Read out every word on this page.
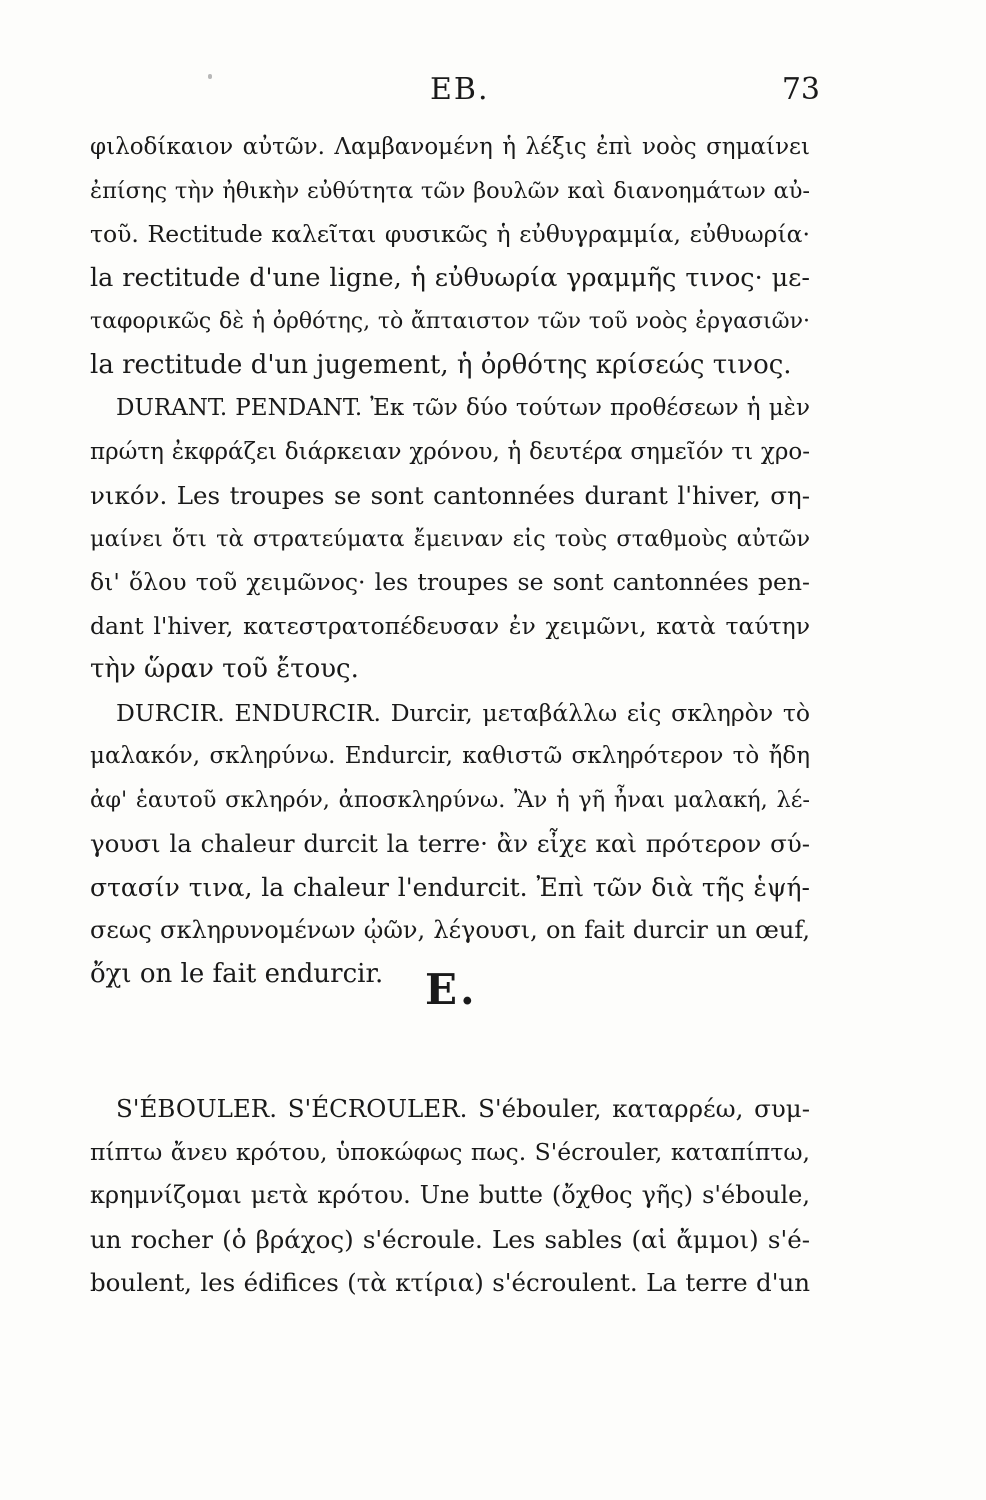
EB.	73
φιλοδίκαιον αὐτῶν. Λαμβανομένη ἡ λέξις ἐπὶ νοὸς σημαίνει
ἐπίσης τὴν ἠθικὴν εὐθύτητα τῶν βουλῶν καὶ διανοημάτων αὐ-
τοῦ. Rectitude καλεῖται φυσικῶς ἡ εὐθυγραμμία, εὐθυωρία·
la rectitude d'une ligne, ἡ εὐθυωρία γραμμῆς τινος· με-
ταφορικῶς δὲ ἡ ὀρθότης, τὸ ἄπταιστον τῶν τοῦ νοὸς ἐργασιῶν·
la rectitude d'un jugement, ἡ ὀρθότης κρίσεώς τινος.
DURANT. PENDANT. Ἐκ τῶν δύο τούτων προθέσεων ἡ μὲν
πρώτη ἐκφράζει διάρκειαν χρόνου, ἡ δευτέρα σημεῖόν τι χρο-
νικόν. Les troupes se sont cantonnées durant l'hiver, ση-
μαίνει ὅτι τὰ στρατεύματα ἔμειναν εἰς τοὺς σταθμοὺς αὐτῶν
δι' ὅλου τοῦ χειμῶνος· les troupes se sont cantonnées pen-
dant l'hiver, κατεστρατοπέδευσαν ἐν χειμῶνι, κατὰ ταύτην
τὴν ὥραν τοῦ ἔτους.
DURCIR. ENDURCIR. Durcir, μεταβάλλω εἰς σκληρὸν τὸ
μαλακόν, σκληρύνω. Endurcir, καθιστῶ σκληρότερον τὸ ἤδη
ἀφ' ἑαυτοῦ σκληρόν, ἀποσκληρύνω. Ἂν ἡ γῆ ἦναι μαλακή, λέ-
γουσι la chaleur durcit la terre· ἂν εἶχε καὶ πρότερον σύ-
στασίν τινα, la chaleur l'endurcit. Ἐπὶ τῶν διὰ τῆς ἑψή-
σεως σκληρυνομένων ᾠῶν, λέγουσι, on fait durcir un œuf,
ὄχι on le fait endurcir. E.
S'ÉBOULER. S'ÉCROULER. S'ébouler, καταρρέω, συμ-
πίπτω ἄνευ κρότου, ὑποκώφως πως. S'écrouler, καταπίπτω,
κρημνίζομαι μετὰ κρότου. Une butte (ὄχθος γῆς) s'éboule,
un rocher (ὁ βράχος) s'écroule. Les sables (αἱ ἄμμοι) s'é-
boulent, les édifices (τὰ κτίρια) s'écroulent. La terre d'un
